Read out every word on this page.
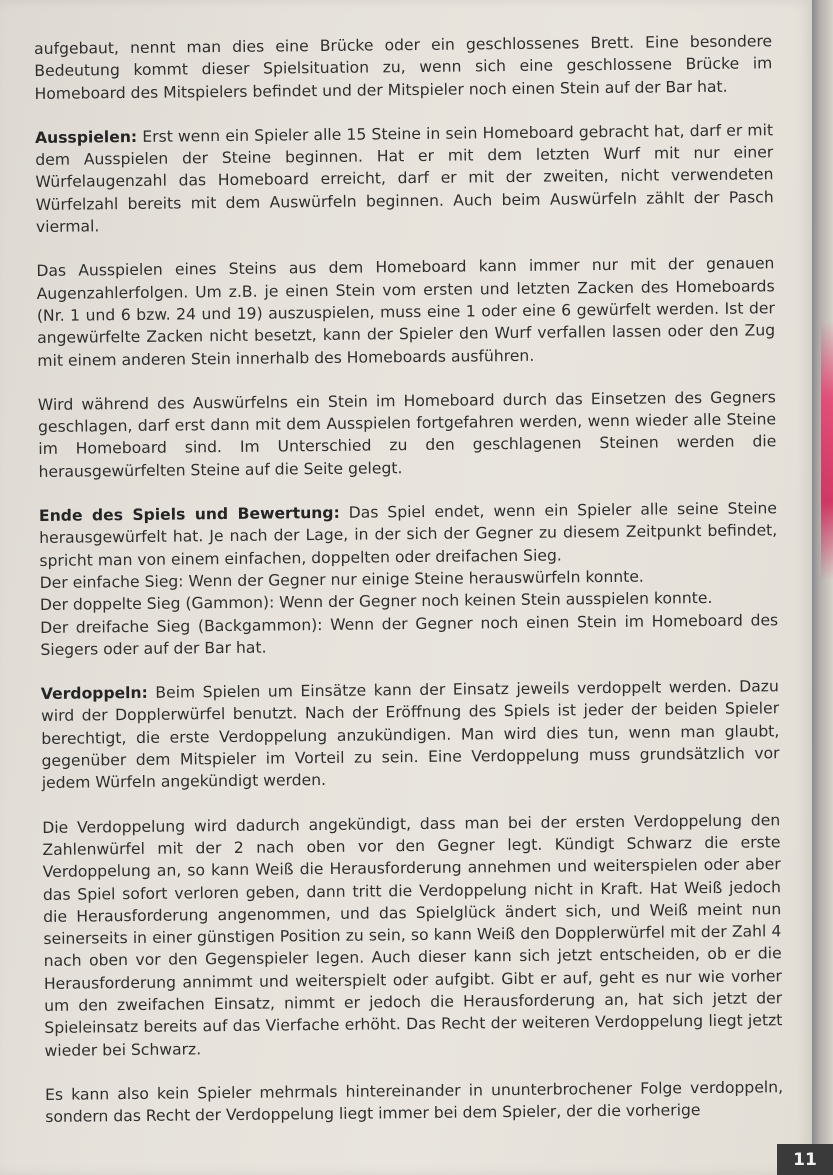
aufgebaut, nennt man dies eine Brücke oder ein geschlossenes Brett. Eine besondere Bedeutung kommt dieser Spielsituation zu, wenn sich eine geschlossene Brücke im Homeboard des Mitspielers befindet und der Mitspieler noch einen Stein auf der Bar hat.

Ausspielen: Erst wenn ein Spieler alle 15 Steine in sein Homeboard gebracht hat, darf er mit dem Ausspielen der Steine beginnen. Hat er mit dem letzten Wurf mit nur einer Würfelaugenzahl das Homeboard erreicht, darf er mit der zweiten, nicht verwendeten Würfelzahl bereits mit dem Auswürfeln beginnen. Auch beim Auswürfeln zählt der Pasch viermal.

Das Ausspielen eines Steins aus dem Homeboard kann immer nur mit der genauen Augenzahlerfolgen. Um z.B. je einen Stein vom ersten und letzten Zacken des Homeboards (Nr. 1 und 6 bzw. 24 und 19) auszuspielen, muss eine 1 oder eine 6 gewürfelt werden. Ist der angewürfelte Zacken nicht besetzt, kann der Spieler den Wurf verfallen lassen oder den Zug mit einem anderen Stein innerhalb des Homeboards ausführen.

Wird während des Auswürfelns ein Stein im Homeboard durch das Einsetzen des Gegners geschlagen, darf erst dann mit dem Ausspielen fortgefahren werden, wenn wieder alle Steine im Homeboard sind. Im Unterschied zu den geschlagenen Steinen werden die herausgewürfelten Steine auf die Seite gelegt.

Ende des Spiels und Bewertung: Das Spiel endet, wenn ein Spieler alle seine Steine herausgewürfelt hat. Je nach der Lage, in der sich der Gegner zu diesem Zeitpunkt befindet, spricht man von einem einfachen, doppelten oder dreifachen Sieg.

Der einfache Sieg: Wenn der Gegner nur einige Steine herauswürfeln konnte.

Der doppelte Sieg (Gammon): Wenn der Gegner noch keinen Stein ausspielen konnte.

Der dreifache Sieg (Backgammon): Wenn der Gegner noch einen Stein im Homeboard des Siegers oder auf der Bar hat.

Verdoppeln: Beim Spielen um Einsätze kann der Einsatz jeweils verdoppelt werden. Dazu wird der Dopplerwürfel benutzt. Nach der Eröffnung des Spiels ist jeder der beiden Spieler berechtigt, die erste Verdoppelung anzukündigen. Man wird dies tun, wenn man glaubt, gegenüber dem Mitspieler im Vorteil zu sein. Eine Verdoppelung muss grundsätzlich vor jedem Würfeln angekündigt werden.

Die Verdoppelung wird dadurch angekündigt, dass man bei der ersten Verdoppelung den Zahlenwürfel mit der 2 nach oben vor den Gegner legt. Kündigt Schwarz die erste Verdoppelung an, so kann Weiß die Herausforderung annehmen und weiterspielen oder aber das Spiel sofort verloren geben, dann tritt die Verdoppelung nicht in Kraft. Hat Weiß jedoch die Herausforderung angenommen, und das Spielglück ändert sich, und Weiß meint nun seinerseits in einer günstigen Position zu sein, so kann Weiß den Dopplerwürfel mit der Zahl 4 nach oben vor den Gegenspieler legen. Auch dieser kann sich jetzt entscheiden, ob er die Herausforderung annimmt und weiterspielt oder aufgibt. Gibt er auf, geht es nur wie vorher um den zweifachen Einsatz, nimmt er jedoch die Herausforderung an, hat sich jetzt der Spieleinsatz bereits auf das Vierfache erhöht. Das Recht der weiteren Verdoppelung liegt jetzt wieder bei Schwarz.

Es kann also kein Spieler mehrmals hintereinander in ununterbrochener Folge verdoppeln, sondern das Recht der Verdoppelung liegt immer bei dem Spieler, der die vorherige

11
